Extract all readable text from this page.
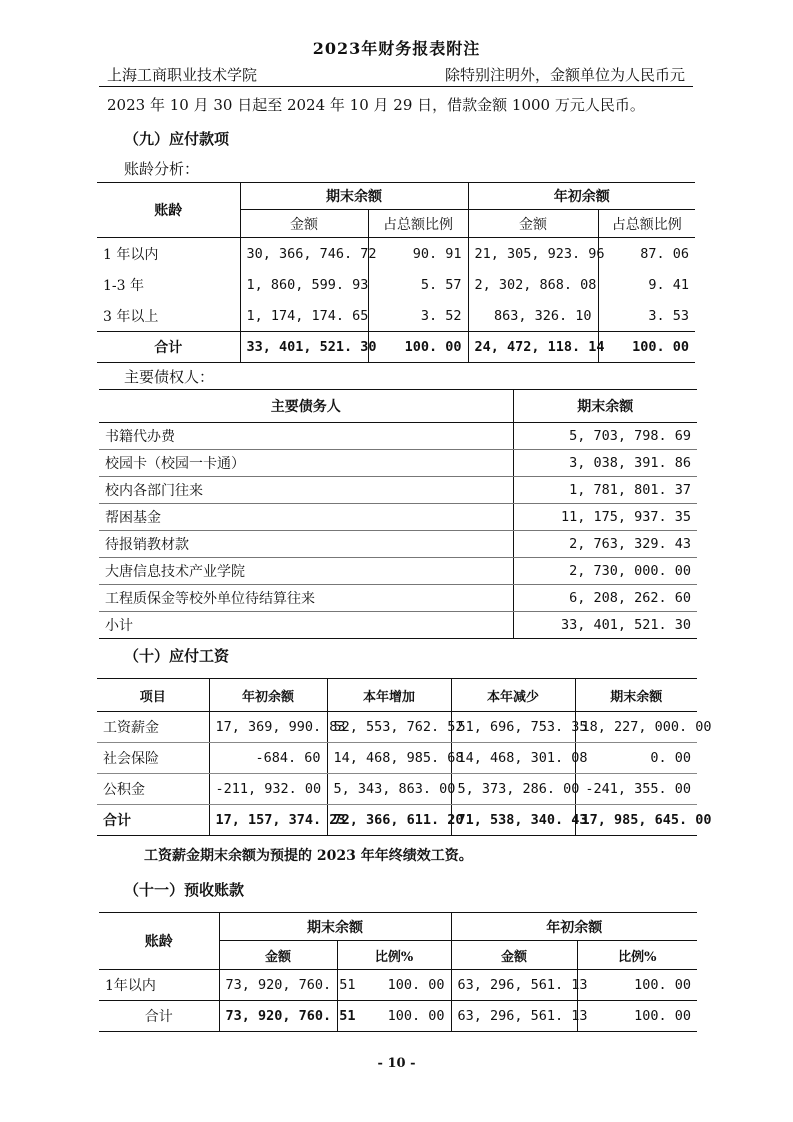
2023年财务报表附注
上海工商职业技术学院	除特别注明外，金额单位为人民币元
2023 年 10 月 30 日起至 2024 年 10 月 29 日，借款金额 1000 万元人民币。
（九）应付款项
账龄分析：
账龄	期末余额		年初余额	
	金额	占总额比例	金额	占总额比例
1 年以内	30, 366, 746. 72	90. 91	21, 305, 923. 96	87. 06
1-3 年	1, 860, 599. 93	5. 57	2, 302, 868. 08	9. 41
3 年以上	1, 174, 174. 65	3. 52	863, 326. 10	3. 53
合计	33, 401, 521. 30	100. 00	24, 472, 118. 14	100. 00
主要债权人：
主要债务人	期末余额
书籍代办费	5, 703, 798. 69
校园卡（校园一卡通）	3, 038, 391. 86
校内各部门往来	1, 781, 801. 37
帮困基金	11, 175, 937. 35
待报销教材款	2, 763, 329. 43
大唐信息技术产业学院	2, 730, 000. 00
工程质保金等校外单位待结算往来	6, 208, 262. 60
小计	33, 401, 521. 30
（十）应付工资
项目	年初余额	本年增加	本年减少	期末余额
工资薪金	17, 369, 990. 83	52, 553, 762. 52	51, 696, 753. 35	18, 227, 000. 00
社会保险	-684. 60	14, 468, 985. 68	14, 468, 301. 08	0. 00
公积金	-211, 932. 00	5, 343, 863. 00	5, 373, 286. 00	-241, 355. 00
合计	17, 157, 374. 23	72, 366, 611. 20	71, 538, 340. 43	17, 985, 645. 00
工资薪金期末余额为预提的 2023 年年终绩效工资。
（十一）预收账款
账龄	期末余额		年初余额	
	金额	比例%	金额	比例%
1年以内	73, 920, 760. 51	100. 00	63, 296, 561. 13	100. 00
合计	73, 920, 760. 51	100. 00	63, 296, 561. 13	100. 00
- 10 -
